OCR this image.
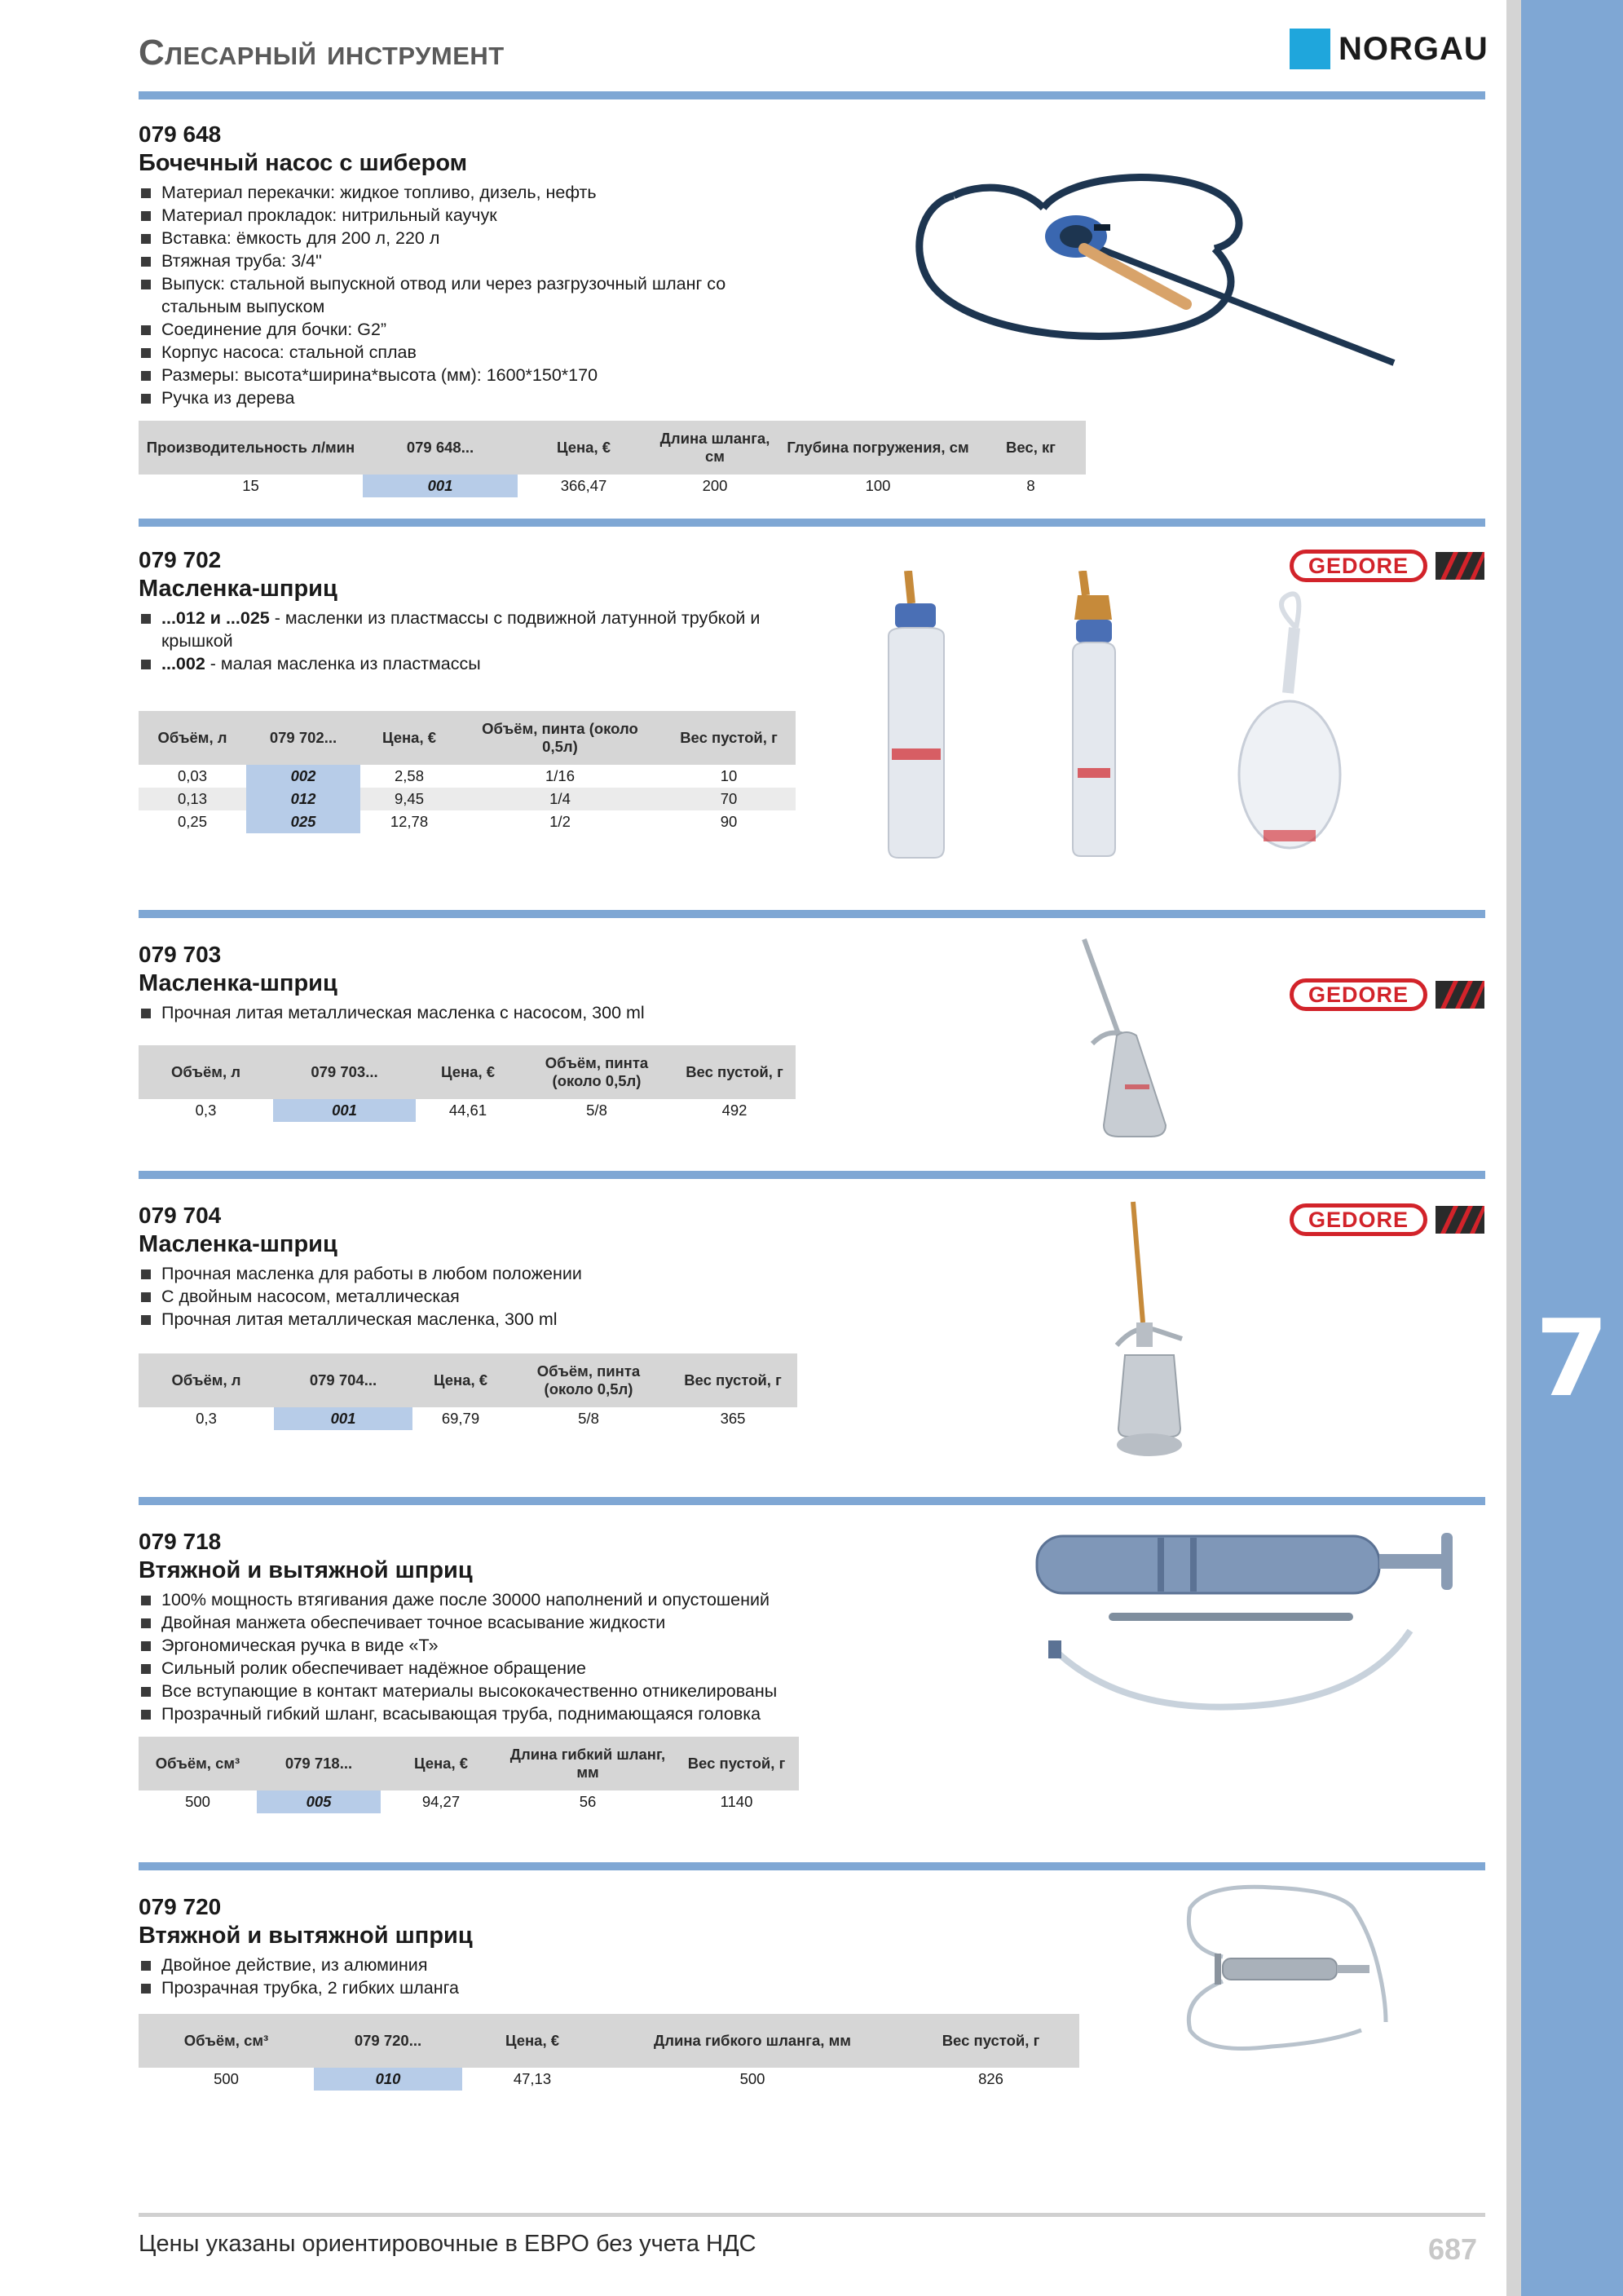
7
Слесарный инструмент	NORGAU
079 648
Бочечный насос с шибером
Материал перекачки: жидкое топливо, дизель, нефть
Материал прокладок: нитрильный каучук
Вставка: ёмкость для 200 л, 220 л
Втяжная труба: 3/4"
Выпуск: стальной выпускной отвод или через разгрузочный шланг со стальным выпуском
Соединение для бочки: G2”
Корпус насоса: стальной сплав
Размеры: высота*ширина*высота (мм): 1600*150*170
Ручка из дерева
Производительность л/мин	079 648...	Цена, €	Длина шланга, см	Глубина погружения, см	Вес, кг
15	001	366,47	200	100	8
079 702
Масленка-шприц
...012 и ...025 - масленки из пластмассы с подвижной латунной трубкой и крышкой
...002 - малая масленка из пластмассы
Объём, л	079 702...	Цена, €	Объём, пинта (около 0,5л)	Вес пустой, г
0,03	002	2,58	1/16	10
0,13	012	9,45	1/4	70
0,25	025	12,78	1/2	90
GEDORE
079 703
Масленка-шприц
Прочная литая металлическая масленка с насосом, 300 ml
Объём, л	079 703...	Цена, €	Объём, пинта (около 0,5л)	Вес пустой, г
0,3	001	44,61	5/8	492
GEDORE
079 704
Масленка-шприц
Прочная масленка для работы в любом положении
С двойным насосом, металлическая
Прочная литая металлическая масленка, 300 ml
Объём, л	079 704...	Цена, €	Объём, пинта (около 0,5л)	Вес пустой, г
0,3	001	69,79	5/8	365
GEDORE
079 718
Втяжной и вытяжной шприц
100% мощность втягивания даже после 30000 наполнений и опустошений
Двойная манжета обеспечивает точное всасывание жидкости
Эргономическая ручка в виде «Т»
Сильный ролик обеспечивает надёжное обращение
Все вступающие в контакт материалы высококачественно отникелированы
Прозрачный гибкий шланг, всасывающая труба, поднимающаяся головка
Объём, см³	079 718...	Цена, €	Длина гибкий шланг, мм	Вес пустой, г
500	005	94,27	56	1140
079 720
Втяжной и вытяжной шприц
Двойное действие, из алюминия
Прозрачная трубка, 2 гибких шланга
Объём, см³	079 720...	Цена, €	Длина гибкого шланга, мм	Вес пустой, г
500	010	47,13	500	826
Цены указаны ориентировочные в ЕВРО без учета НДС	687
